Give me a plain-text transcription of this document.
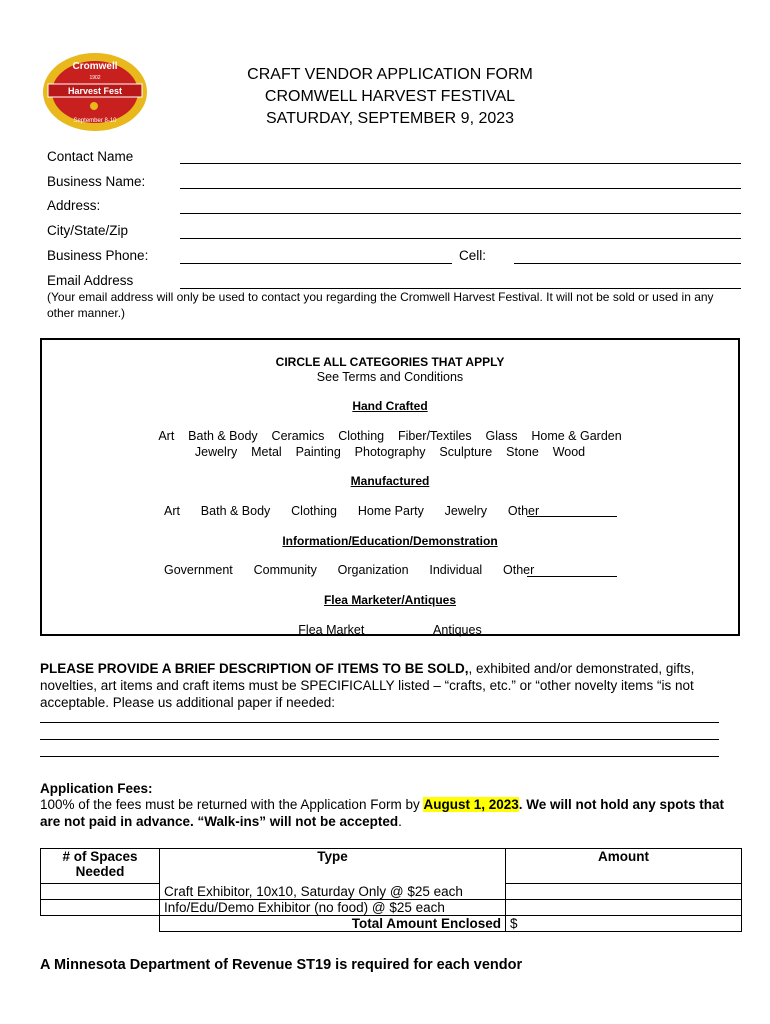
Cromwell
1902
Harvest Fest
September 8-10
CRAFT VENDOR APPLICATION FORM
CROMWELL HARVEST FESTIVAL
SATURDAY, SEPTEMBER 9, 2023
Contact Name
Business Name:
Address:
City/State/Zip
Business Phone:	Cell:
Email Address
(Your email address will only be used to contact you regarding the Cromwell Harvest Festival. It will not be sold or used in any other manner.)
CIRCLE ALL CATEGORIES THAT APPLY
See Terms and Conditions
Hand Crafted
Art    Bath & Body    Ceramics    Clothing    Fiber/Textiles    Glass    Home & Garden
Jewelry    Metal    Painting    Photography    Sculpture    Stone    Wood
Manufactured
Art      Bath & Body      Clothing      Home Party      Jewelry      Other
Information/Education/Demonstration
Government      Community      Organization      Individual      Other
Flea Marketer/Antiques
Flea Market                    Antiques
PLEASE PROVIDE A BRIEF DESCRIPTION OF ITEMS TO BE SOLD,, exhibited and/or demonstrated, gifts, novelties, art items and craft items must be SPECIFICALLY listed – “crafts, etc.” or “other novelty items “is not acceptable. Please us additional paper if needed:
Application Fees:
100% of the fees must be returned with the Application Form by August 1, 2023. We will not hold any spots that are not paid in advance. “Walk-ins” will not be accepted.
# of Spaces Needed	Type	Amount
	Craft Exhibitor, 10x10, Saturday Only @ $25 each	
	Info/Edu/Demo Exhibitor (no food) @ $25 each	
	Total Amount Enclosed	$
A Minnesota Department of Revenue ST19 is required for each vendor
